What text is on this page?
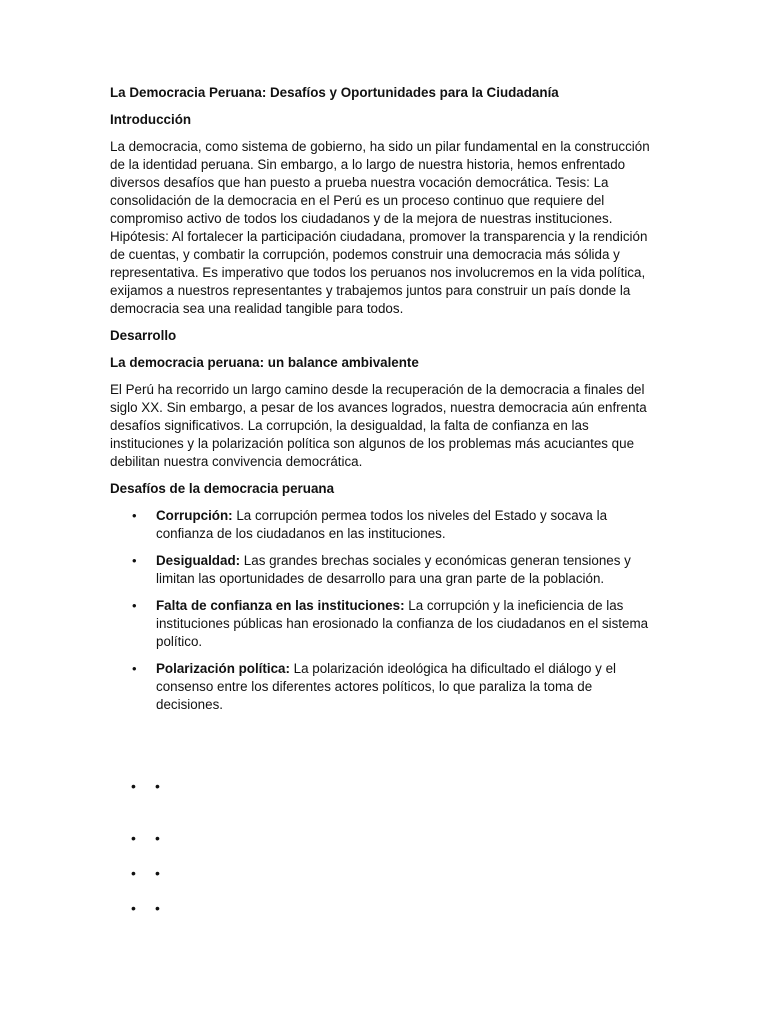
La Democracia Peruana: Desafíos y Oportunidades para la Ciudadanía

Introducción

La democracia, como sistema de gobierno, ha sido un pilar fundamental en la construcción de la identidad peruana. Sin embargo, a lo largo de nuestra historia, hemos enfrentado diversos desafíos que han puesto a prueba nuestra vocación democrática. Tesis: La consolidación de la democracia en el Perú es un proceso continuo que requiere del compromiso activo de todos los ciudadanos y de la mejora de nuestras instituciones. Hipótesis: Al fortalecer la participación ciudadana, promover la transparencia y la rendición de cuentas, y combatir la corrupción, podemos construir una democracia más sólida y representativa. Es imperativo que todos los peruanos nos involucremos en la vida política, exijamos a nuestros representantes y trabajemos juntos para construir un país donde la democracia sea una realidad tangible para todos.

Desarrollo

La democracia peruana: un balance ambivalente

El Perú ha recorrido un largo camino desde la recuperación de la democracia a finales del siglo XX. Sin embargo, a pesar de los avances logrados, nuestra democracia aún enfrenta desafíos significativos. La corrupción, la desigualdad, la falta de confianza en las instituciones y la polarización política son algunos de los problemas más acuciantes que debilitan nuestra convivencia democrática.

Desafíos de la democracia peruana

• Corrupción: La corrupción permea todos los niveles del Estado y socava la confianza de los ciudadanos en las instituciones.
• Desigualdad: Las grandes brechas sociales y económicas generan tensiones y limitan las oportunidades de desarrollo para una gran parte de la población.
• Falta de confianza en las instituciones: La corrupción y la ineficiencia de las instituciones públicas han erosionado la confianza de los ciudadanos en el sistema político.
• Polarización política: La polarización ideológica ha dificultado el diálogo y el consenso entre los diferentes actores políticos, lo que paraliza la toma de decisiones.
• •
• •
• •
• •
